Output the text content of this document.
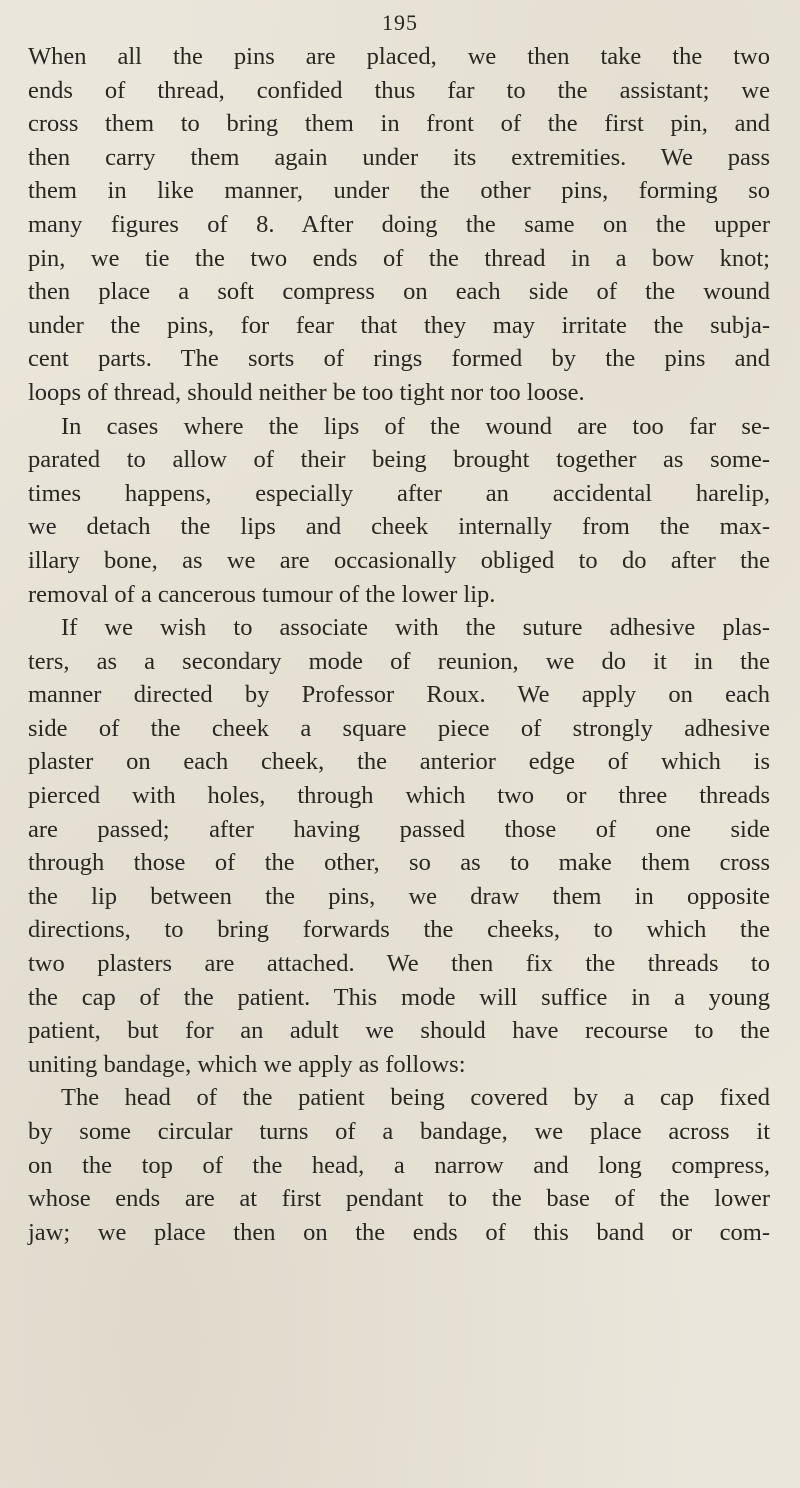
195
When all the pins are placed, we then take the two
ends of thread, confided thus far to the assistant; we
cross them to bring them in front of the first pin, and
then carry them again under its extremities. We pass
them in like manner, under the other pins, forming so
many figures of 8. After doing the same on the upper
pin, we tie the two ends of the thread in a bow knot;
then place a soft compress on each side of the wound
under the pins, for fear that they may irritate the subja-
cent parts. The sorts of rings formed by the pins and
loops of thread, should neither be too tight nor too loose.
In cases where the lips of the wound are too far se-
parated to allow of their being brought together as some-
times happens, especially after an accidental harelip,
we detach the lips and cheek internally from the max-
illary bone, as we are occasionally obliged to do after the
removal of a cancerous tumour of the lower lip.
If we wish to associate with the suture adhesive plas-
ters, as a secondary mode of reunion, we do it in the
manner directed by Professor Roux. We apply on each
side of the cheek a square piece of strongly adhesive
plaster on each cheek, the anterior edge of which is
pierced with holes, through which two or three threads
are passed; after having passed those of one side
through those of the other, so as to make them cross
the lip between the pins, we draw them in opposite
directions, to bring forwards the cheeks, to which the
two plasters are attached. We then fix the threads to
the cap of the patient. This mode will suffice in a young
patient, but for an adult we should have recourse to the
uniting bandage, which we apply as follows:
The head of the patient being covered by a cap fixed
by some circular turns of a bandage, we place across it
on the top of the head, a narrow and long compress,
whose ends are at first pendant to the base of the lower
jaw; we place then on the ends of this band or com-
